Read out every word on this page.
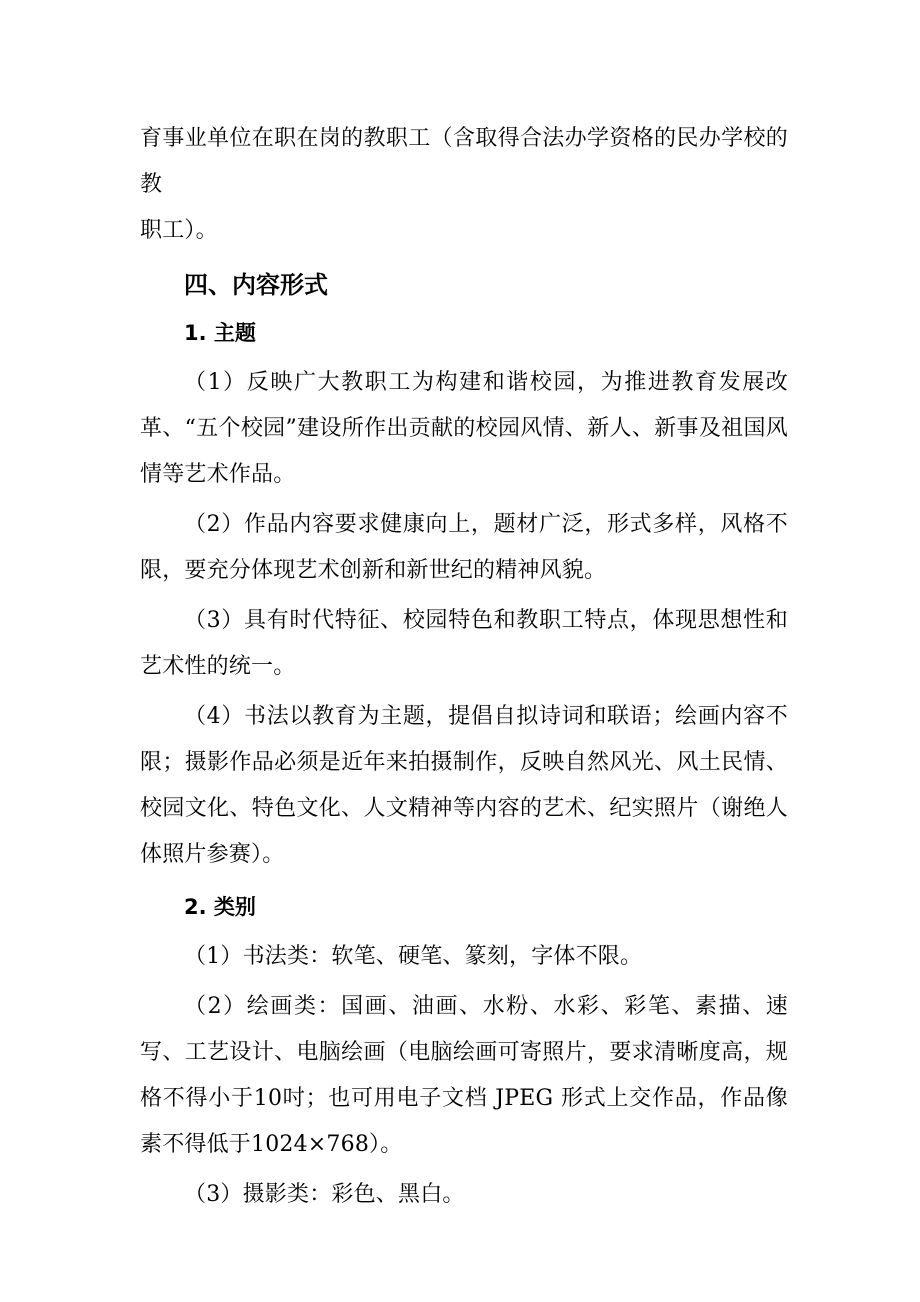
育事业单位在职在岗的教职工（含取得合法办学资格的民办学校的教

职工）。

四、内容形式

1. 主题

（1）反映广大教职工为构建和谐校园，为推进教育发展改革、“五个校园”建设所作出贡献的校园风情、新人、新事及祖国风情等艺术作品。

（2）作品内容要求健康向上，题材广泛，形式多样，风格不限，要充分体现艺术创新和新世纪的精神风貌。

（3）具有时代特征、校园特色和教职工特点，体现思想性和艺术性的统一。

（4）书法以教育为主题，提倡自拟诗词和联语；绘画内容不限；摄影作品必须是近年来拍摄制作，反映自然风光、风土民情、校园文化、特色文化、人文精神等内容的艺术、纪实照片（谢绝人体照片参赛）。

2. 类别

（1）书法类：软笔、硬笔、篆刻，字体不限。

（2）绘画类：国画、油画、水粉、水彩、彩笔、素描、速写、工艺设计、电脑绘画（电脑绘画可寄照片，要求清晰度高，规格不得小于10吋；也可用电子文档 JPEG 形式上交作品，作品像素不得低于1024×768）。

（3）摄影类：彩色、黑白。
